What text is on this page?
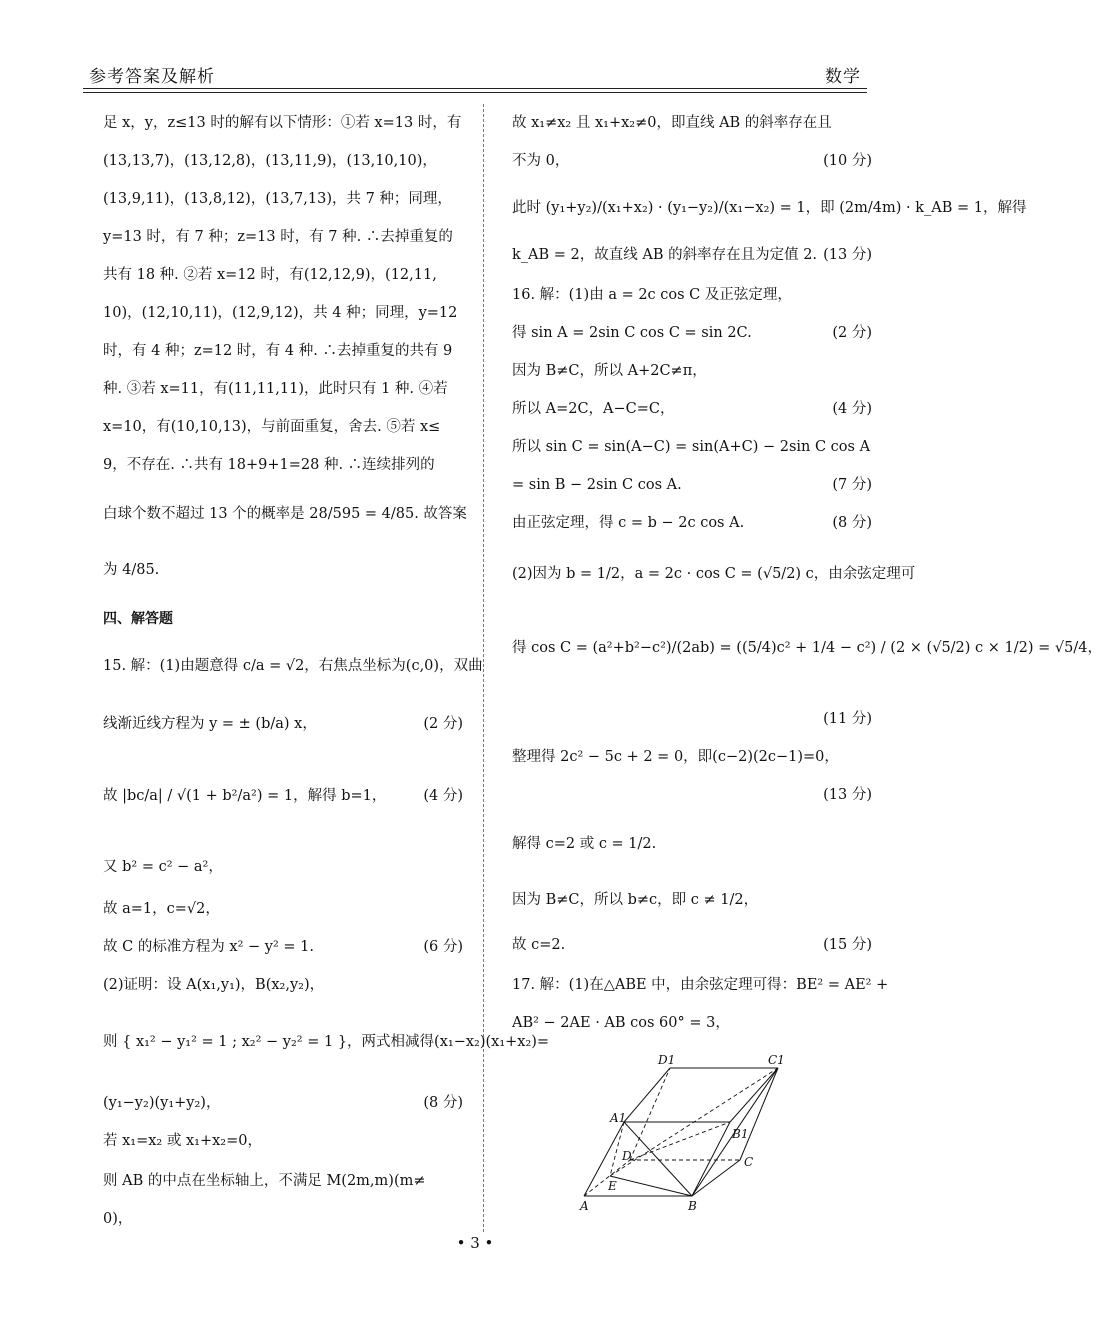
参考答案及解析	数学
足 x，y，z≤13 时的解有以下情形：①若 x=13 时，有
(13,13,7)，(13,12,8)，(13,11,9)，(13,10,10)，
(13,9,11)，(13,8,12)，(13,7,13)，共 7 种；同理，
y=13 时，有 7 种；z=13 时，有 7 种. ∴去掉重复的
共有 18 种. ②若 x=12 时，有(12,12,9)，(12,11,
10)，(12,10,11)，(12,9,12)，共 4 种；同理，y=12
时，有 4 种；z=12 时，有 4 种. ∴去掉重复的共有 9
种. ③若 x=11，有(11,11,11)，此时只有 1 种. ④若
x=10，有(10,10,13)，与前面重复，舍去. ⑤若 x≤
9，不存在. ∴共有 18+9+1=28 种. ∴连续排列的
白球个数不超过 13 个的概率是 28/595 = 4/85. 故答案
为 4/85.
四、解答题
15. 解：(1)由题意得 c/a = √2，右焦点坐标为(c,0)，双曲
线渐近线方程为 y = ± (b/a) x，	(2 分)
故 |bc/a| / √(1 + b²/a²) = 1，解得 b=1，	(4 分)
又 b² = c² − a²，
故 a=1，c=√2，
故 C 的标准方程为 x² − y² = 1.	(6 分)
(2)证明：设 A(x₁,y₁)，B(x₂,y₂)，
则 { x₁² − y₁² = 1 ; x₂² − y₂² = 1 }，两式相减得(x₁−x₂)(x₁+x₂)=
(y₁−y₂)(y₁+y₂)，	(8 分)
若 x₁=x₂ 或 x₁+x₂=0，
则 AB 的中点在坐标轴上，不满足 M(2m,m)(m≠
0)，
故 x₁≠x₂ 且 x₁+x₂≠0，即直线 AB 的斜率存在且
不为 0，	(10 分)
此时 (y₁+y₂)/(x₁+x₂) · (y₁−y₂)/(x₁−x₂) = 1，即 (2m/4m) · k_AB = 1，解得
k_AB = 2，故直线 AB 的斜率存在且为定值 2. (13 分)
16. 解：(1)由 a = 2c cos C 及正弦定理，
得 sin A = 2sin C cos C = sin 2C.	(2 分)
因为 B≠C，所以 A+2C≠π，
所以 A=2C，A−C=C，	(4 分)
所以 sin C = sin(A−C) = sin(A+C) − 2sin C cos A
= sin B − 2sin C cos A.	(7 分)
由正弦定理，得 c = b − 2c cos A.	(8 分)
(2)因为 b = 1/2，a = 2c · cos C = (√5/2) c，由余弦定理可
得 cos C = (a²+b²−c²)/(2ab) = ((5/4)c² + 1/4 − c²) / (2 × (√5/2) c × 1/2) = √5/4，
(11 分)
整理得 2c² − 5c + 2 = 0，即(c−2)(2c−1)=0，
(13 分)
解得 c=2 或 c = 1/2.
因为 B≠C，所以 b≠c，即 c ≠ 1/2，
故 c=2.	(15 分)
17. 解：(1)在△ABE 中，由余弦定理可得：BE² = AE² +
AB² − 2AE · AB cos 60° = 3，
D1	C1
A1
B1
D	C
E
A	B
• 3 •
